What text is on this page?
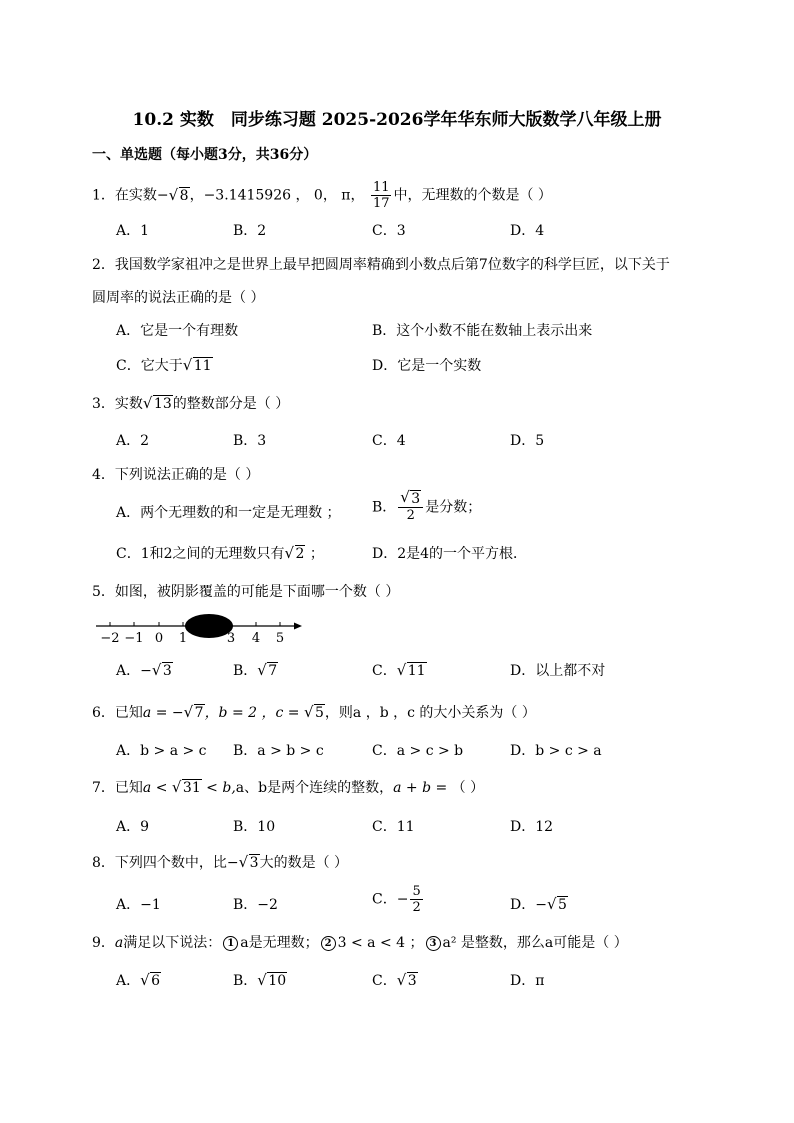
10.2 实数　同步练习题 2025-2026学年华东师大版数学八年级上册
一、单选题（每小题3分，共36分）
1．在实数− √ 8，−3.1415926 ， 0， π， $\frac{11}{17}$ 中，无理数的个数是（ ）
A．1	B．2	C．3	D．4
2．我国数学家祖冲之是世界上最早把圆周率精确到小数点后第7位数字的科学巨匠，以下关于
圆周率的说法正确的是（ ）
A．它是一个有理数	B．这个小数不能在数轴上表示出来
C．它大于 √ 11	D．它是一个实数
3．实数 √ 13的整数部分是（ ）
A．2	B．3	C．4	D．5
4．下列说法正确的是（ ）
A．两个无理数的和一定是无理数 ； B． √ $\frac{3}{2}$ 是分数；
C．1和2之间的无理数只有 √ 2 ；	D．2是4的一个平方根．
5．如图，被阴影覆盖的可能是下面哪一个数（ ）
−2 −1 0 1	3 4 5
A．− √ 3	B． √ 7	C． √ 11	D．以上都不对
6．已知a = − √ 7，b = 2 ，c = √ 5，则a ，b ，c 的大小关系为（ ）
A．b > a > c B．a > b > c	C．a > c > b	D．b > c > a
7．已知a < √ 31 < b,a、b是两个连续的整数，a + b = （ ）
A．9	B．10	C．11	D．12
8．下列四个数中，比− √ 3大的数是（ ）
A．−1	B．−2	C．− $\frac{5}{2}$	D．− √ 5
9．a满足以下说法： 1 a是无理数； 2 3 < a < 4 ； 3 a² 是整数，那么a可能是（ ）
A． √ 6	B． √ 10	C． √ 3	D．π
